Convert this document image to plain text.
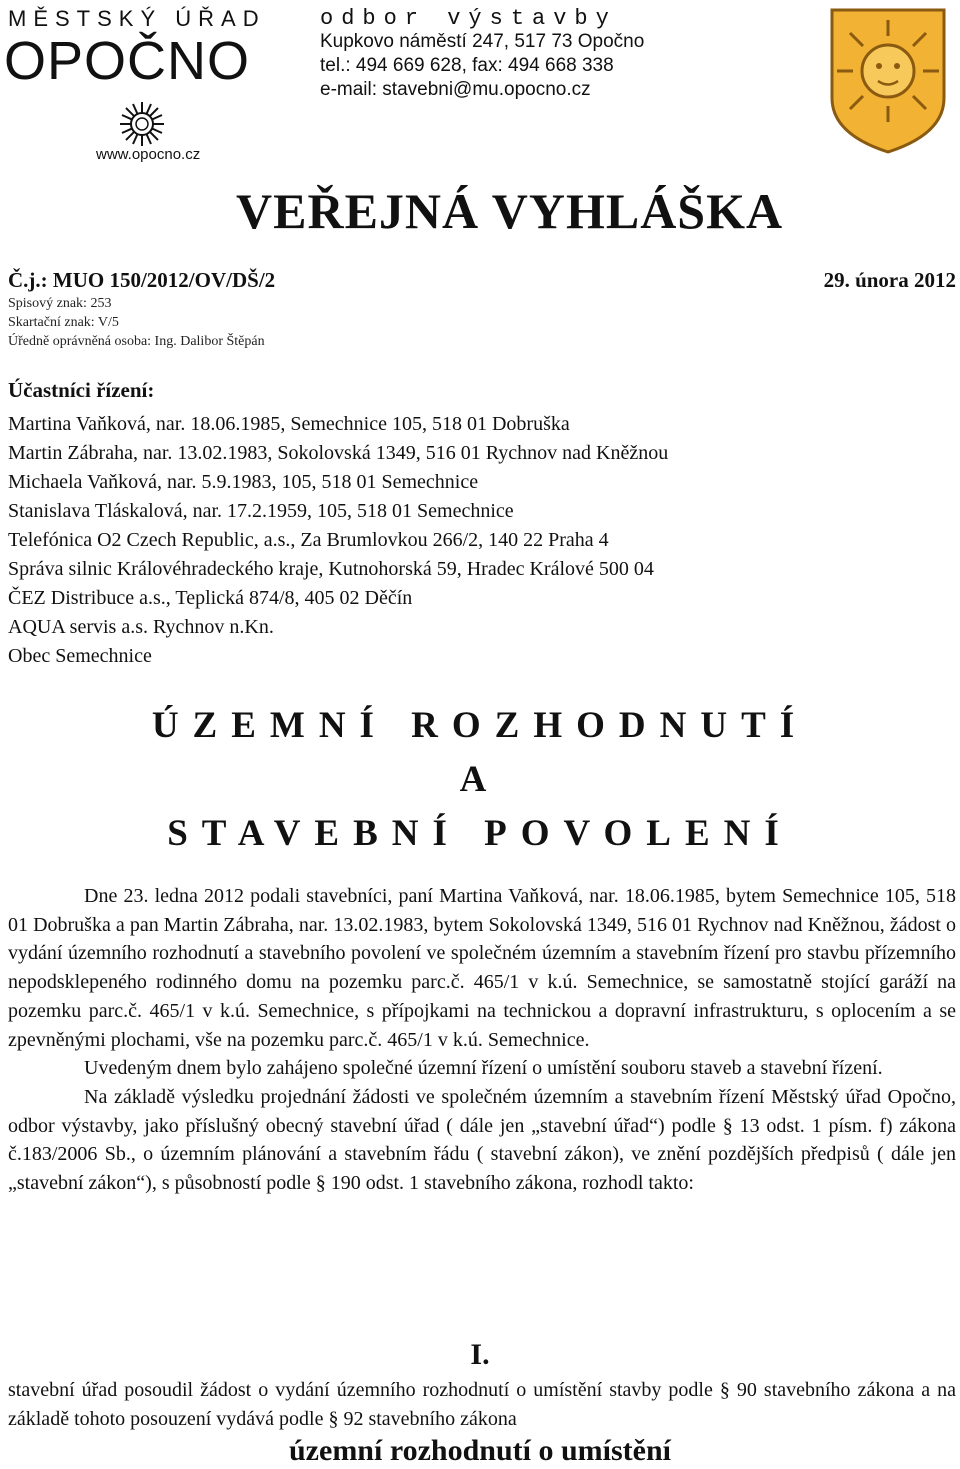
MĚSTSKÝ ÚŘAD
OPOČNO
www.opocno.cz
odbor výstavby
Kupkovo náměstí 247, 517 73 Opočno
tel.: 494 669 628, fax: 494 668 338
e-mail: stavebni@mu.opocno.cz
VEŘEJNÁ VYHLÁŠKA
Č.j.: MUO 150/2012/OV/DŠ/2	29. února 2012
Spisový znak: 253
Skartační znak: V/5
Úředně oprávněná osoba: Ing. Dalibor Štěpán
Účastníci řízení:
Martina Vaňková, nar. 18.06.1985, Semechnice 105, 518 01 Dobruška
Martin Zábraha, nar. 13.02.1983, Sokolovská 1349, 516 01 Rychnov nad Kněžnou
Michaela Vaňková, nar. 5.9.1983, 105, 518 01 Semechnice
Stanislava Tláskalová, nar. 17.2.1959, 105, 518 01 Semechnice
Telefónica O2 Czech Republic, a.s., Za Brumlovkou 266/2, 140 22 Praha 4
Správa silnic Královéhradeckého kraje, Kutnohorská 59, Hradec Králové 500 04
ČEZ Distribuce a.s., Teplická 874/8, 405 02 Děčín
AQUA servis a.s. Rychnov n.Kn.
Obec Semechnice
ÚZEMNÍ ROZHODNUTÍ
A
STAVEBNÍ POVOLENÍ

Dne 23. ledna 2012 podali stavebníci, paní Martina Vaňková, nar. 18.06.1985, bytem Semechnice 105, 518 01 Dobruška a pan Martin Zábraha, nar. 13.02.1983, bytem Sokolovská 1349, 516 01 Rychnov nad Kněžnou, žádost o vydání územního rozhodnutí a stavebního povolení ve společném územním a stavebním řízení pro stavbu přízemního nepodsklepeného rodinného domu na pozemku parc.č. 465/1 v k.ú. Semechnice, se samostatně stojící garáží na pozemku parc.č. 465/1 v k.ú. Semechnice, s přípojkami na technickou a dopravní infrastrukturu, s oplocením a se zpevněnými plochami, vše na pozemku parc.č. 465/1 v k.ú. Semechnice.

Uvedeným dnem bylo zahájeno společné územní řízení o umístění souboru staveb a stavební řízení.

Na základě výsledku projednání žádosti ve společném územním a stavebním řízení Městský úřad Opočno, odbor výstavby, jako příslušný obecný stavební úřad ( dále jen „stavební úřad“) podle § 13 odst. 1 písm. f) zákona č.183/2006 Sb., o územním plánování a stavebním řádu ( stavební zákon), ve znění pozdějších předpisů ( dále jen „stavební zákon“), s působností podle § 190 odst. 1 stavebního zákona, rozhodl takto:

I.
stavební úřad posoudil žádost o vydání územního rozhodnutí o umístění stavby podle § 90 stavebního zákona a na základě tohoto posouzení vydává podle § 92 stavebního zákona
územní rozhodnutí o umístění
